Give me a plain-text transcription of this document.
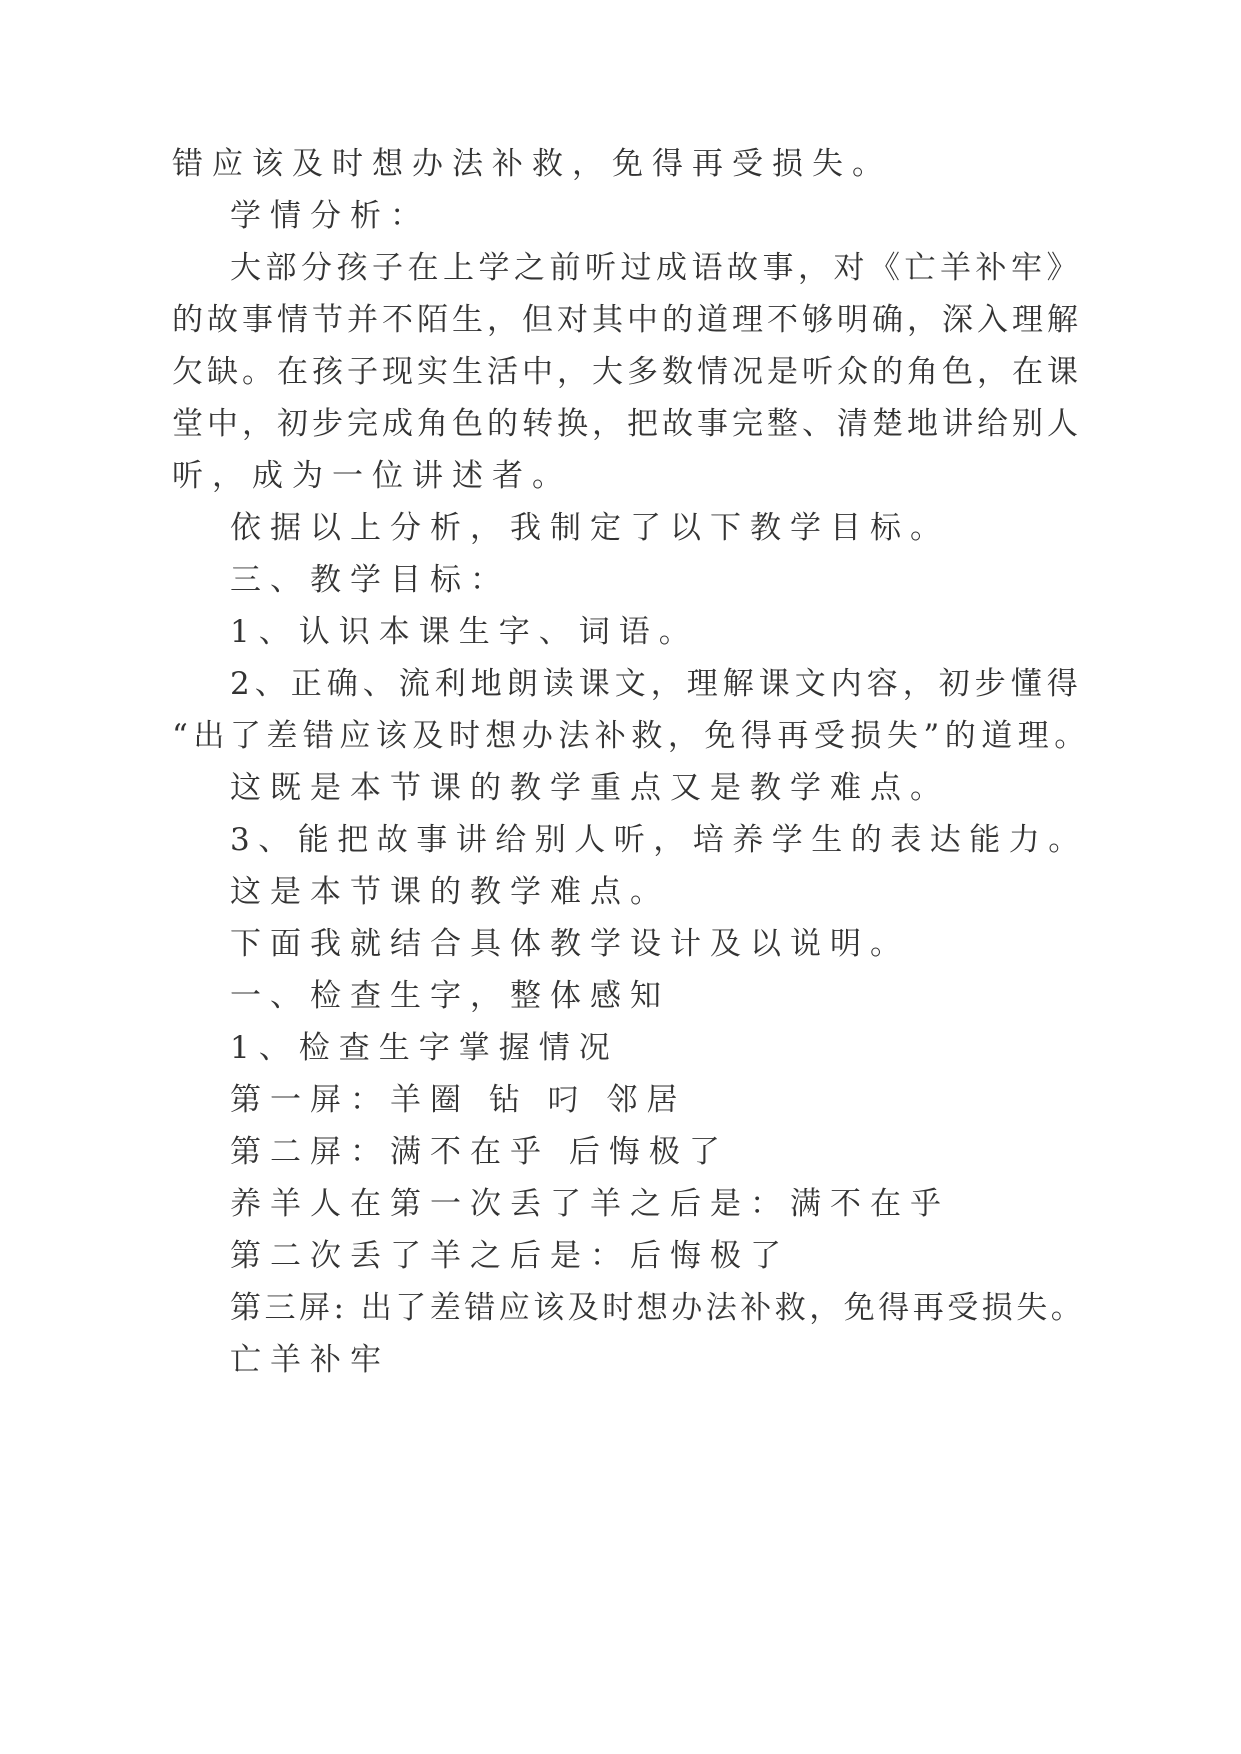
错应该及时想办法补救，免得再受损失。
学情分析：
大部分孩子在上学之前听过成语故事，对《亡羊补牢》
的故事情节并不陌生，但对其中的道理不够明确，深入理解
欠缺。在孩子现实生活中，大多数情况是听众的角色，在课
堂中，初步完成角色的转换，把故事完整、清楚地讲给别人
听，成为一位讲述者。
依据以上分析，我制定了以下教学目标。
三、教学目标：
1、认识本课生字、词语。
2、正确、流利地朗读课文，理解课文内容，初步懂得
“出了差错应该及时想办法补救，免得再受损失”的道理。
这既是本节课的教学重点又是教学难点。
3、能把故事讲给别人听，培养学生的表达能力。
这是本节课的教学难点。
下面我就结合具体教学设计及以说明。
一、检查生字，整体感知
1、检查生字掌握情况
第一屏：羊圈 钻 叼 邻居
第二屏：满不在乎 后悔极了
养羊人在第一次丢了羊之后是：满不在乎
第二次丢了羊之后是：后悔极了
第三屏: 出了差错应该及时想办法补救，免得再受损失。
亡羊补牢
